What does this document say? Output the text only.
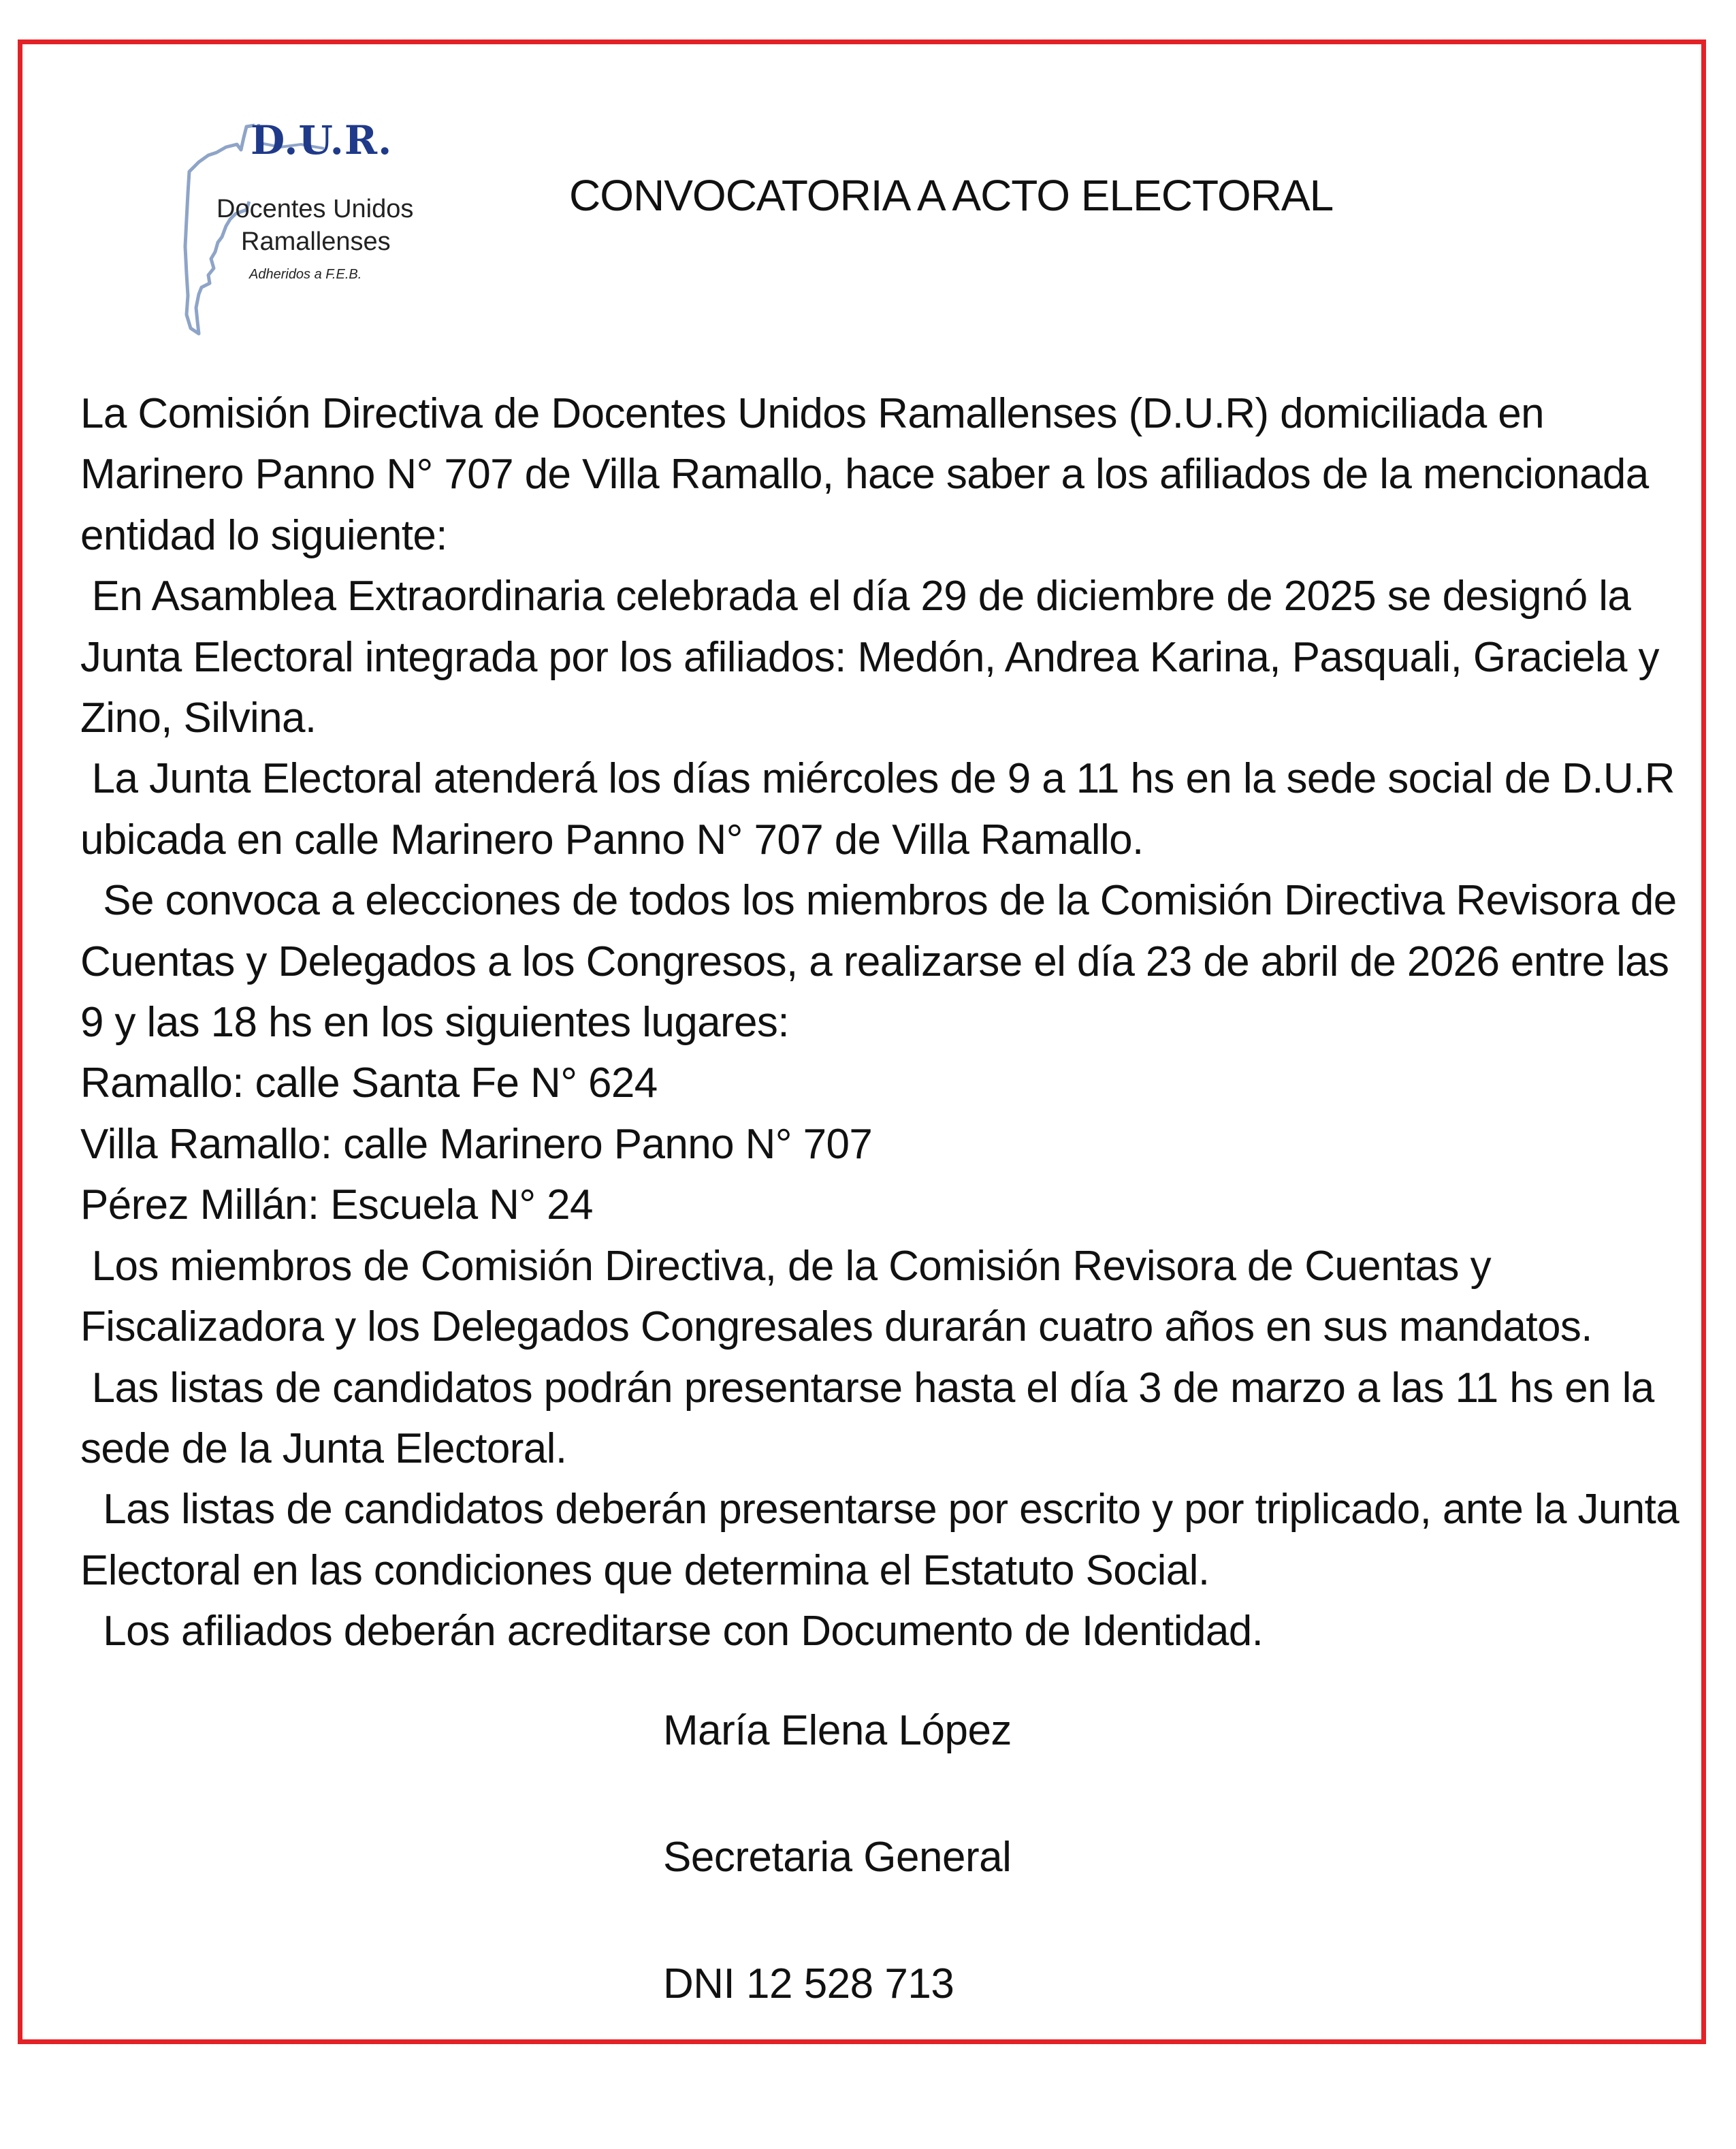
D.U.R.
Docentes Unidos
Ramallenses
Adheridos a F.E.B.
CONVOCATORIA A ACTO ELECTORAL

La Comisión Directiva de Docentes Unidos Ramallenses (D.U.R) domiciliada en Marinero Panno N° 707 de Villa Ramallo, hace saber a los afiliados de la mencionada entidad lo siguiente:

En Asamblea Extraordinaria celebrada el día 29 de diciembre de 2025 se designó la Junta Electoral integrada por los afiliados: Medón, Andrea Karina, Pasquali, Graciela y Zino, Silvina.

La Junta Electoral atenderá los días miércoles de 9 a 11 hs en la sede social de D.U.R ubicada en calle Marinero Panno N° 707 de Villa Ramallo.

Se convoca a elecciones de todos los miembros de la Comisión Directiva Revisora de Cuentas y Delegados a los Congresos, a realizarse el día 23 de abril de 2026 entre las 9 y las 18 hs en los siguientes lugares:

Ramallo: calle Santa Fe N° 624

Villa Ramallo: calle Marinero Panno N° 707

Pérez Millán: Escuela N° 24

Los miembros de Comisión Directiva, de la Comisión Revisora de Cuentas y Fiscalizadora y los Delegados Congresales durarán cuatro años en sus mandatos.

Las listas de candidatos podrán presentarse hasta el día 3 de marzo a las 11 hs en la sede de la Junta Electoral.

Las listas de candidatos deberán presentarse por escrito y por triplicado, ante la Junta Electoral en las condiciones que determina el Estatuto Social.

Los afiliados deberán acreditarse con Documento de Identidad.

María Elena López
Secretaria General
DNI 12 528 713
